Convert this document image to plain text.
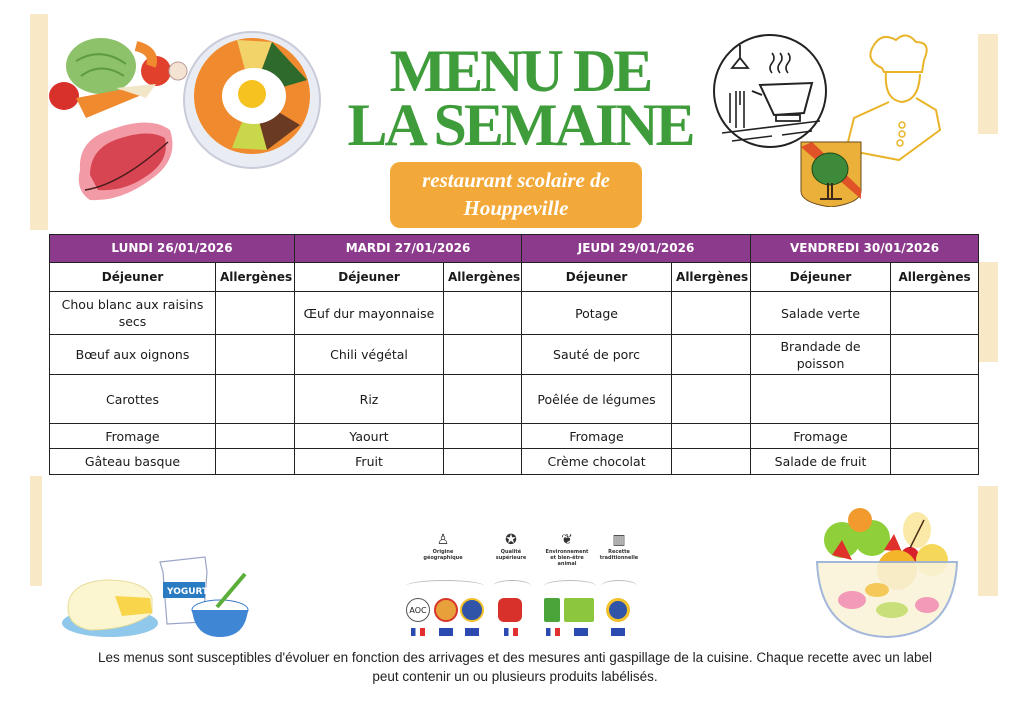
MENU DE
LA SEMAINE
restaurant scolaire de
Houppeville
LUNDI 26/01/2026		MARDI 27/01/2026		JEUDI 29/01/2026		VENDREDI 30/01/2026	
Déjeuner	Allergènes	Déjeuner	Allergènes	Déjeuner	Allergènes	Déjeuner	Allergènes
Chou blanc aux raisins secs		Œuf dur mayonnaise		Potage		Salade verte	
Bœuf aux oignons		Chili végétal		Sauté de porc		Brandade de poisson	
Carottes		Riz		Poêlée de légumes			
Fromage		Yaourt		Fromage		Fromage	
Gâteau basque		Fruit		Crème chocolat		Salade de fruit	
YOGURT
♙
Origine géographique
✪
Qualité supérieure
❦
Environnement et bien-être animal
▥
Recette traditionnelle
AOC
Les menus sont susceptibles d'évoluer en fonction des arrivages et des mesures anti gaspillage de la cuisine. Chaque recette avec un label
peut contenir un ou plusieurs produits labélisés.
